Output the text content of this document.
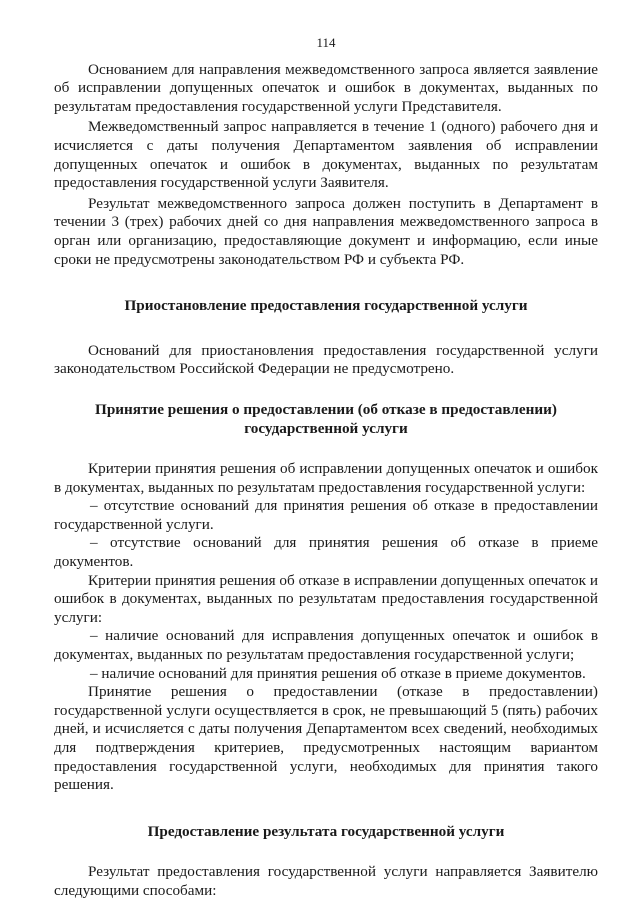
114

Основанием для направления межведомственного запроса является заявление об исправлении допущенных опечаток и ошибок в документах, выданных по результатам предоставления государственной услуги Представителя.

Межведомственный запрос направляется в течение 1 (одного) рабочего дня и исчисляется с даты получения Департаментом заявления об исправлении допущенных опечаток и ошибок в документах, выданных по результатам предоставления государственной услуги Заявителя.

Результат межведомственного запроса должен поступить в Департамент в течении 3 (трех) рабочих дней со дня направления межведомственного запроса в орган или организацию, предоставляющие документ и информацию, если иные сроки не предусмотрены законодательством РФ и субъекта РФ.

Приостановление предоставления государственной услуги

Оснований для приостановления предоставления государственной услуги законодательством Российской Федерации не предусмотрено.

Принятие решения о предоставлении (об отказе в предоставлении)
государственной услуги

Критерии принятия решения об исправлении допущенных опечаток и ошибок в документах, выданных по результатам предоставления государственной услуги:

– отсутствие оснований для принятия решения об отказе в предоставлении государственной услуги.

– отсутствие оснований для принятия решения об отказе в приеме документов.

Критерии принятия решения об отказе в исправлении допущенных опечаток и ошибок в документах, выданных по результатам предоставления государственной услуги:

– наличие оснований для исправления допущенных опечаток и ошибок в документах, выданных по результатам предоставления государственной услуги;

– наличие оснований для принятия решения об отказе в приеме документов.

Принятие решения о предоставлении (отказе в предоставлении) государственной услуги осуществляется в срок, не превышающий 5 (пять) рабочих дней, и исчисляется с даты получения Департаментом всех сведений, необходимых для подтверждения критериев, предусмотренных настоящим вариантом предоставления государственной услуги, необходимых для принятия такого решения.

Предоставление результата государственной услуги

Результат предоставления государственной услуги направляется Заявителю следующими способами:
